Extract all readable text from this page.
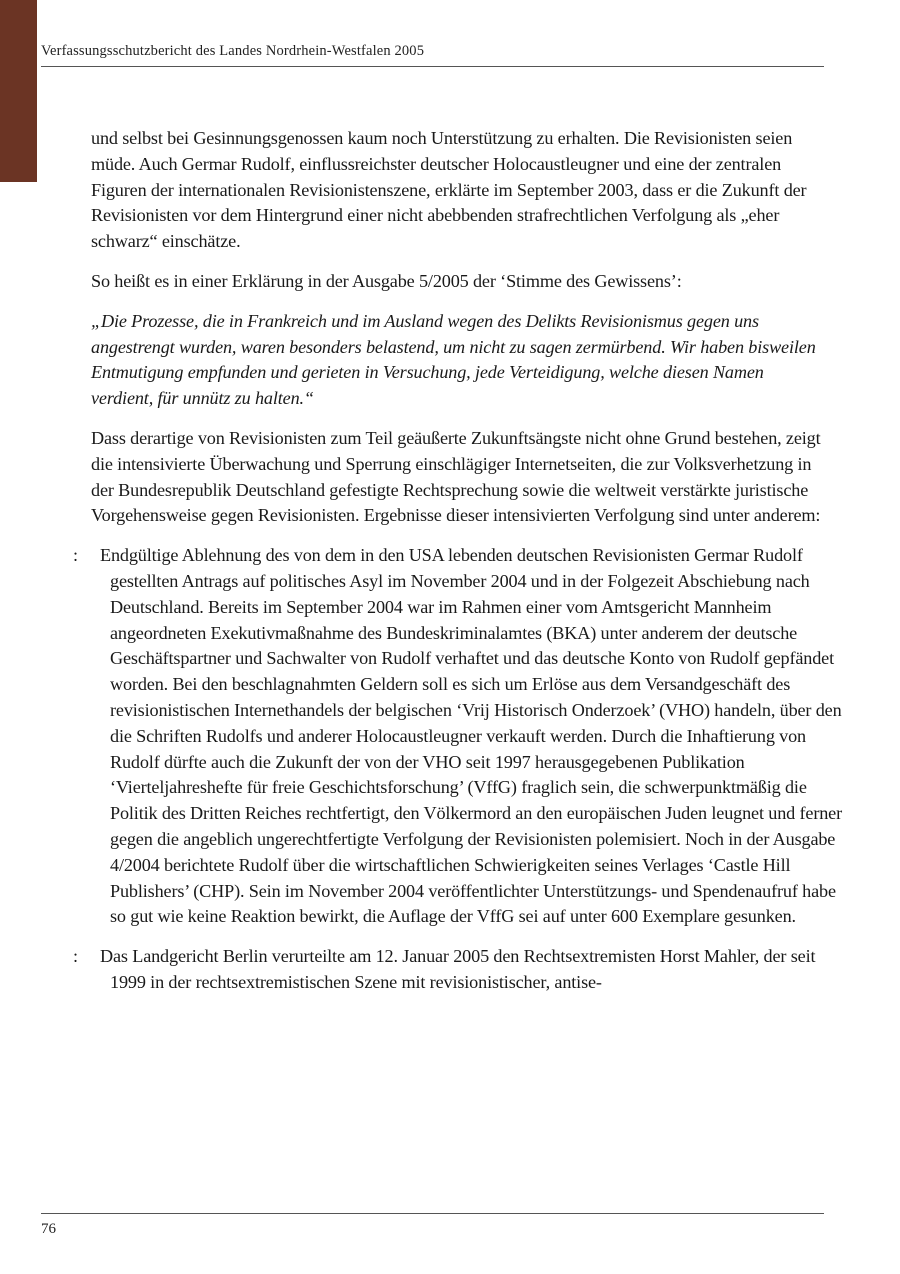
Verfassungsschutzbericht des Landes Nordrhein-Westfalen 2005

und selbst bei Gesinnungsgenossen kaum noch Unterstützung zu erhalten. Die Revisionisten seien müde. Auch Germar Rudolf, einflussreichster deutscher Holocaustleugner und eine der zentralen Figuren der internationalen Revisionistenszene, erklärte im September 2003, dass er die Zukunft der Revisionisten vor dem Hintergrund einer nicht abebbenden strafrechtlichen Verfolgung als „eher schwarz“ einschätze.

So heißt es in einer Erklärung in der Ausgabe 5/2005 der ‘Stimme des Gewissens’:

„Die Prozesse, die in Frankreich und im Ausland wegen des Delikts Revisionismus gegen uns angestrengt wurden, waren besonders belastend, um nicht zu sagen zermürbend. Wir haben bisweilen Entmutigung empfunden und gerieten in Versuchung, jede Verteidigung, welche diesen Namen verdient, für unnütz zu halten.“

Dass derartige von Revisionisten zum Teil geäußerte Zukunftsängste nicht ohne Grund bestehen, zeigt die intensivierte Überwachung und Sperrung einschlägiger Internetseiten, die zur Volksverhetzung in der Bundesrepublik Deutschland gefestigte Rechtsprechung sowie die weltweit verstärkte juristische Vorgehensweise gegen Revisionisten. Ergebnisse dieser intensivierten Verfolgung sind unter anderem:

: Endgültige Ablehnung des von dem in den USA lebenden deutschen Revisionisten Germar Rudolf gestellten Antrags auf politisches Asyl im November 2004 und in der Folgezeit Abschiebung nach Deutschland. Bereits im September 2004 war im Rahmen einer vom Amtsgericht Mannheim angeordneten Exekutivmaßnahme des Bundeskriminalamtes (BKA) unter anderem der deutsche Geschäftspartner und Sachwalter von Rudolf verhaftet und das deutsche Konto von Rudolf gepfändet worden. Bei den beschlagnahmten Geldern soll es sich um Erlöse aus dem Versandgeschäft des revisionistischen Internethandels der belgischen ‘Vrij Historisch Onderzoek’ (VHO) handeln, über den die Schriften Rudolfs und anderer Holocaustleugner verkauft werden. Durch die Inhaftierung von Rudolf dürfte auch die Zukunft der von der VHO seit 1997 herausgegebenen Publikation ‘Vierteljahreshefte für freie Geschichtsforschung’ (VffG) fraglich sein, die schwerpunktmäßig die Politik des Dritten Reiches rechtfertigt, den Völkermord an den europäischen Juden leugnet und ferner gegen die angeblich ungerechtfertigte Verfolgung der Revisionisten polemisiert. Noch in der Ausgabe 4/2004 berichtete Rudolf über die wirtschaftlichen Schwierigkeiten seines Verlages ‘Castle Hill Publishers’ (CHP). Sein im November 2004 veröffentlichter Unterstützungs- und Spendenaufruf habe so gut wie keine Reaktion bewirkt, die Auflage der VffG sei auf unter 600 Exemplare gesunken.
: Das Landgericht Berlin verurteilte am 12. Januar 2005 den Rechtsextremisten Horst Mahler, der seit 1999 in der rechtsextremistischen Szene mit revisionistischer, antise-
76
